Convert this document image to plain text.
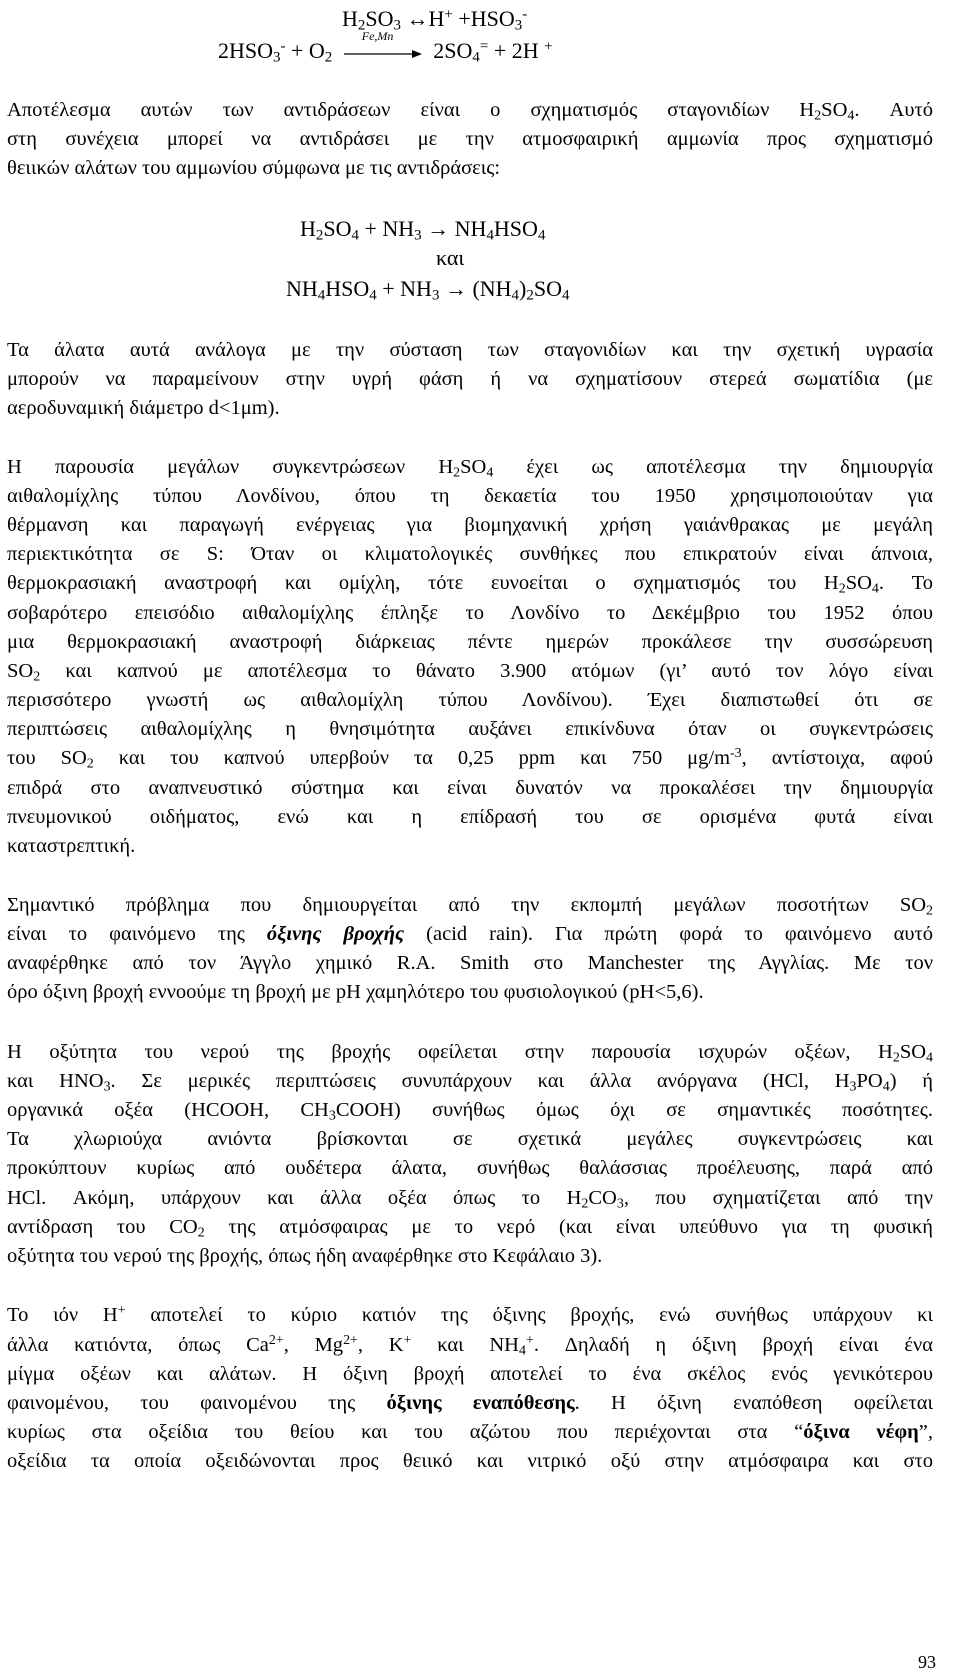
$H_2SO_3$ ↔H+ $+HSO_3^-$
$2HSO_3^- + O_2$
Fe,Mn
$2SO_4^= + 2H$ +
Αποτέλεσμα αυτών των αντιδράσεων είναι ο σχηματισμός σταγονιδίων $H_2SO_4$. Αυτό
στη συνέχεια μπορεί να αντιδράσει με την ατμοσφαιρική αμμωνία προς σχηματισμό
θειικών αλάτων του αμμωνίου σύμφωνα με τις αντιδράσεις:
$H_2SO_4 + NH_3 \to NH_4HSO_4$
και
$NH_4HSO_4 + NH_3 \to (NH_4)_2SO_4$
Τα άλατα αυτά ανάλογα με την σύσταση των σταγονιδίων και την σχετική υγρασία
μπορούν να παραμείνουν στην υγρή φάση ή να σχηματίσουν στερεά σωματίδια (με
αεροδυναμική διάμετρο d<1μm).
Η παρουσία μεγάλων συγκεντρώσεων $H_2SO_4$ έχει ως αποτέλεσμα την δημιουργία
αιθαλομίχλης τύπου Λονδίνου, όπου τη δεκαετία του 1950 χρησιμοποιούταν για
θέρμανση και παραγωγή ενέργειας για βιομηχανική χρήση γαιάνθρακας με μεγάλη
περιεκτικότητα σε S: Όταν οι κλιματολογικές συνθήκες που επικρατούν είναι άπνοια,
θερμοκρασιακή αναστροφή και ομίχλη, τότε ευνοείται ο σχηματισμός του $H_2SO_4$. Το
σοβαρότερο επεισόδιο αιθαλομίχλης έπληξε το Λονδίνο το Δεκέμβριο του 1952 όπου
μια θερμοκρασιακή αναστροφή διάρκειας πέντε ημερών προκάλεσε την συσσώρευση
$SO_2$ και καπνού με αποτέλεσμα το θάνατο 3.900 ατόμων (γι’ αυτό τον λόγο είναι
περισσότερο γνωστή ως αιθαλομίχλη τύπου Λονδίνου). Έχει διαπιστωθεί ότι σε
περιπτώσεις αιθαλομίχλης η θνησιμότητα αυξάνει επικίνδυνα όταν οι συγκεντρώσεις
του $SO_2$ και του καπνού υπερβούν τα 0,25 ppm και 750 $\mu g/m^{-3}$, αντίστοιχα, αφού
επιδρά στο αναπνευστικό σύστημα και είναι δυνατόν να προκαλέσει την δημιουργία
πνευμονικού οιδήματος, ενώ και η επίδρασή του σε ορισμένα φυτά είναι
καταστρεπτική.
Σημαντικό πρόβλημα που δημιουργείται από την εκπομπή μεγάλων ποσοτήτων $SO_2$
είναι το φαινόμενο της όξινης βροχής (acid rain). Για πρώτη φορά το φαινόμενο αυτό
αναφέρθηκε από τον Άγγλο χημικό R.A. Smith στο Manchester της Αγγλίας. Με τον
όρο όξινη βροχή εννοούμε τη βροχή με pH χαμηλότερο του φυσιολογικού (pH<5,6).
Η οξύτητα του νερού της βροχής οφείλεται στην παρουσία ισχυρών οξέων, $H_2SO_4$
και $HNO_3$. Σε μερικές περιπτώσεις συνυπάρχουν και άλλα ανόργανα (HCl, $H_3PO_4$) ή
οργανικά οξέα (HCOOH, $CH_3COOH$) συνήθως όμως όχι σε σημαντικές ποσότητες.
Τα χλωριούχα ανιόντα βρίσκονται σε σχετικά μεγάλες συγκεντρώσεις και
προκύπτουν κυρίως από ουδέτερα άλατα, συνήθως θαλάσσιας προέλευσης, παρά από
HCl. Ακόμη, υπάρχουν και άλλα οξέα όπως το $H_2CO_3$, που σχηματίζεται από την
αντίδραση του $CO_2$ της ατμόσφαιρας με το νερό (και είναι υπεύθυνο για τη φυσική
οξύτητα του νερού της βροχής, όπως ήδη αναφέρθηκε στο Κεφάλαιο 3).
Το ιόν H+ αποτελεί το κύριο κατιόν της όξινης βροχής, ενώ συνήθως υπάρχουν κι
άλλα κατιόντα, όπως $Ca^{2+}$, $Mg^{2+}$, K+ και $NH_4^+$. Δηλαδή η όξινη βροχή είναι ένα
μίγμα οξέων και αλάτων. Η όξινη βροχή αποτελεί το ένα σκέλος ενός γενικότερου
φαινομένου, του φαινομένου της όξινης εναπόθεσης. Η όξινη εναπόθεση οφείλεται
κυρίως στα οξείδια του θείου και του αζώτου που περιέχονται στα “όξινα νέφη”,
οξείδια τα οποία οξειδώνονται προς θειικό και νιτρικό οξύ στην ατμόσφαιρα και στο
93
